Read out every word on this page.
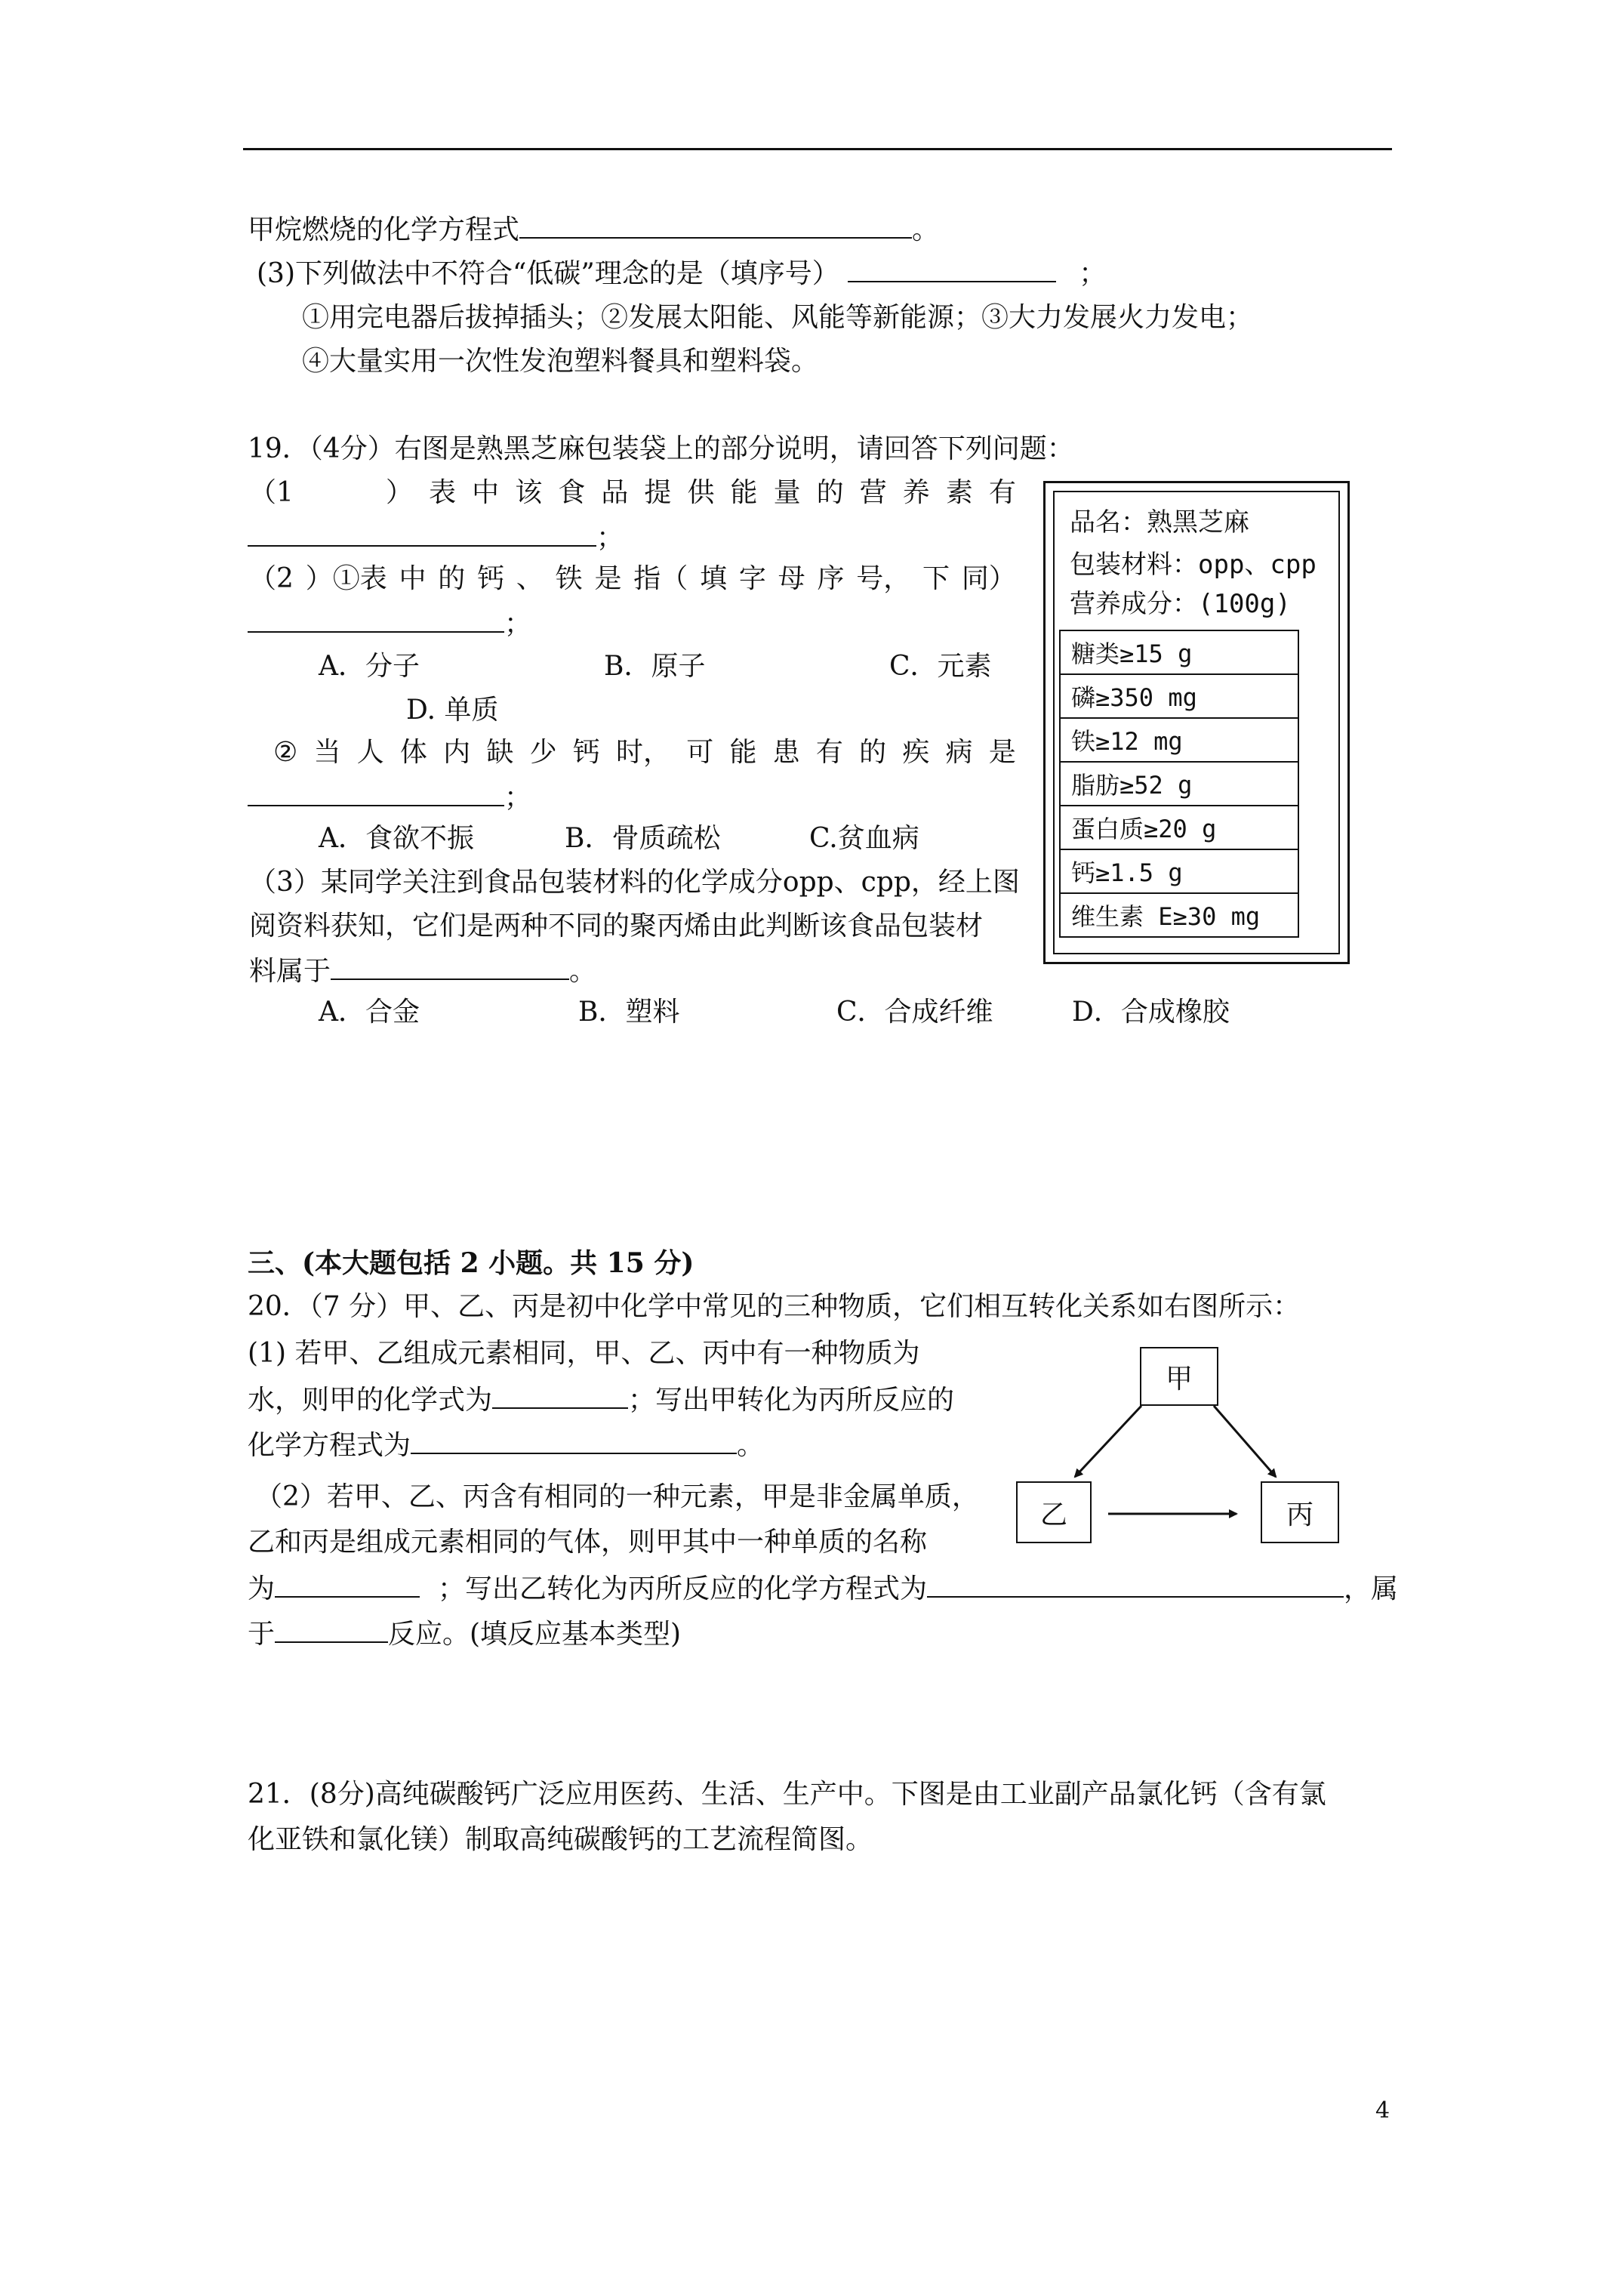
甲烷燃烧的化学方程式	。
(3)下列做法中不符合“低碳”理念的是（填序号）	；
①用完电器后拔掉插头；②发展太阳能、风能等新能源；③大力发展火力发电；
④大量实用一次性发泡塑料餐具和塑料袋。
19．（4分）右图是熟黑芝麻包装袋上的部分说明，请回答下列问题：
（1	） 表 中 该 食 品 提 供 能 量 的 营 养 素 有
；
（2 ）①表 中 的 钙 、 铁 是 指（ 填 字 母 序 号， 下 同）
；
A．分子	B．原子	C．元素
D. 单质
② 当 人 体 内 缺 少 钙 时， 可 能 患 有 的 疾 病 是
；
A．食欲不振	B．骨质疏松	C.贫血病
（3）某同学关注到食品包装材料的化学成分opp、cpp，经上图
阅资料获知，它们是两种不同的聚丙烯由此判断该食品包装材
料属于	。
A．合金	B．塑料	C．合成纤维	D．合成橡胶
品名：熟黑芝麻
包装材料：opp、cpp
营养成分：(100g)
糖类≥15 g
磷≥350 mg
铁≥12 mg
脂肪≥52 g
蛋白质≥20 g
钙≥1.5 g
维生素 E≥30 mg
三、(本大题包括 2 小题。共 15 分)
20．（7 分）甲、乙、丙是初中化学中常见的三种物质，它们相互转化关系如右图所示：
(1) 若甲、乙组成元素相同，甲、乙、丙中有一种物质为
水，则甲的化学式为	；写出甲转化为丙所反应的
化学方程式为	。
（2）若甲、乙、丙含有相同的一种元素，甲是非金属单质，
乙和丙是组成元素相同的气体，则甲其中一种单质的名称
为	；写出乙转化为丙所反应的化学方程式为	，属
于	反应。(填反应基本类型)
甲
乙	丙
21．(8分)高纯碳酸钙广泛应用医药、生活、生产中。下图是由工业副产品氯化钙（含有氯
化亚铁和氯化镁）制取高纯碳酸钙的工艺流程简图。
4
